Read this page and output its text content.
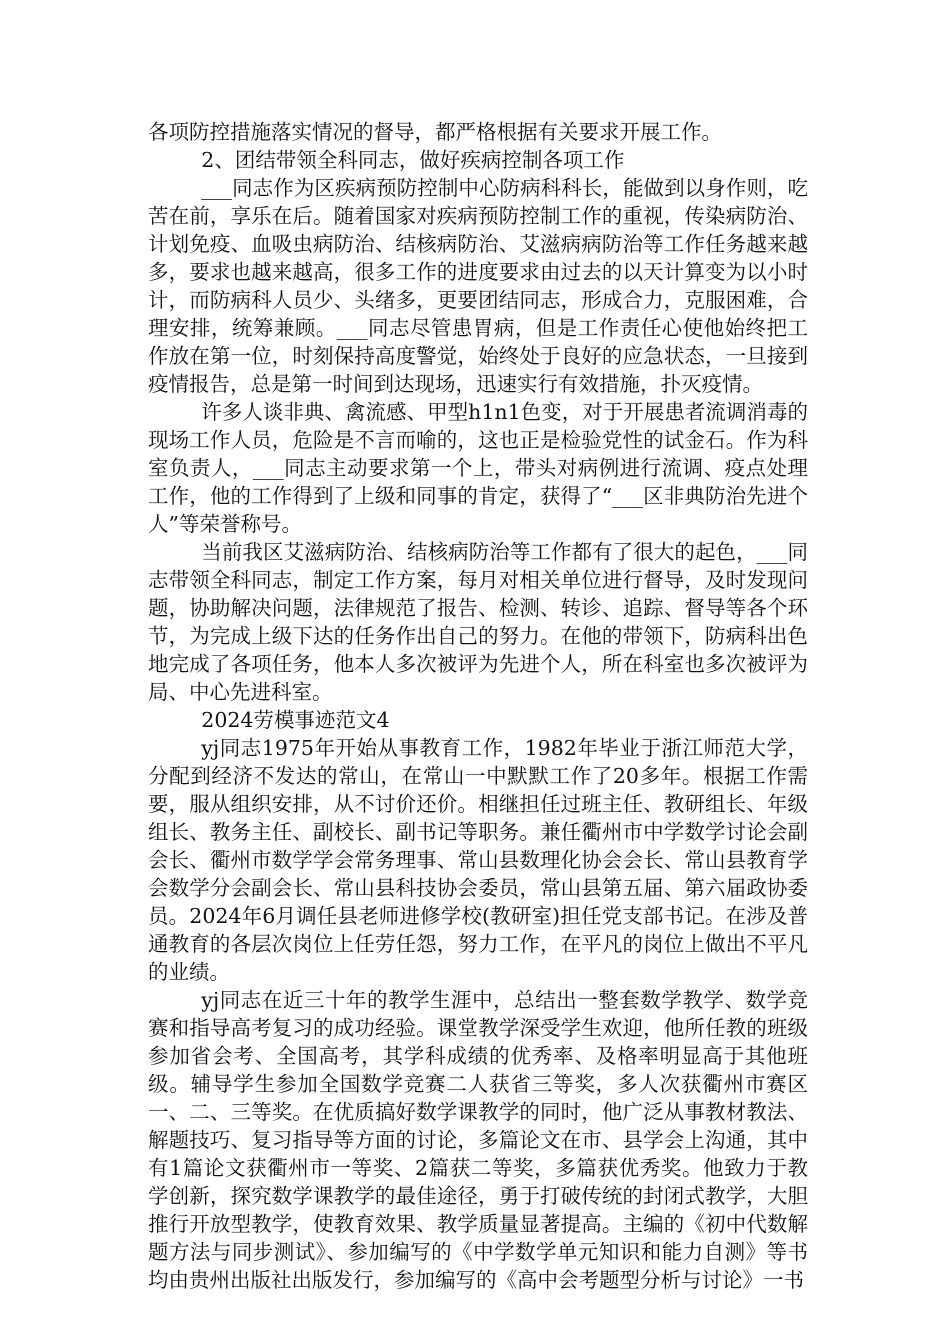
各项防控措施落实情况的督导，都严格根据有关要求开展工作。

2、团结带领全科同志，做好疾病控制各项工作

___同志作为区疾病预防控制中心防病科科长，能做到以身作则，吃苦在前，享乐在后。随着国家对疾病预防控制工作的重视，传染病防治、计划免疫、血吸虫病防治、结核病防治、艾滋病病防治等工作任务越来越多，要求也越来越高，很多工作的进度要求由过去的以天计算变为以小时计，而防病科人员少、头绪多，更要团结同志，形成合力，克服困难，合理安排，统筹兼顾。___同志尽管患胃病，但是工作责任心使他始终把工作放在第一位，时刻保持高度警觉，始终处于良好的应急状态，一旦接到疫情报告，总是第一时间到达现场，迅速实行有效措施，扑灭疫情。

许多人谈非典、禽流感、甲型h1n1色变，对于开展患者流调消毒的现场工作人员，危险是不言而喻的，这也正是检验党性的试金石。作为科室负责人，___同志主动要求第一个上，带头对病例进行流调、疫点处理工作，他的工作得到了上级和同事的肯定，获得了“___区非典防治先进个人”等荣誉称号。

当前我区艾滋病防治、结核病防治等工作都有了很大的起色，___同志带领全科同志，制定工作方案，每月对相关单位进行督导，及时发现问题，协助解决问题，法律规范了报告、检测、转诊、追踪、督导等各个环节，为完成上级下达的任务作出自己的努力。在他的带领下，防病科出色地完成了各项任务，他本人多次被评为先进个人，所在科室也多次被评为局、中心先进科室。

2024劳模事迹范文4

yj同志1975年开始从事教育工作，1982年毕业于浙江师范大学，分配到经济不发达的常山，在常山一中默默工作了20多年。根据工作需要，服从组织安排，从不讨价还价。相继担任过班主任、教研组长、年级组长、教务主任、副校长、副书记等职务。兼任衢州市中学数学讨论会副会长、衢州市数学学会常务理事、常山县数理化协会会长、常山县教育学会数学分会副会长、常山县科技协会委员，常山县第五届、第六届政协委员。2024年6月调任县老师进修学校(教研室)担任党支部书记。在涉及普通教育的各层次岗位上任劳任怨，努力工作，在平凡的岗位上做出不平凡的业绩。

yj同志在近三十年的教学生涯中，总结出一整套数学教学、数学竞赛和指导高考复习的成功经验。课堂教学深受学生欢迎，他所任教的班级参加省会考、全国高考，其学科成绩的优秀率、及格率明显高于其他班级。辅导学生参加全国数学竞赛二人获省三等奖，多人次获衢州市赛区一、二、三等奖。在优质搞好数学课教学的同时，他广泛从事教材教法、解题技巧、复习指导等方面的讨论，多篇论文在市、县学会上沟通，其中有1篇论文获衢州市一等奖、2篇获二等奖，多篇获优秀奖。他致力于教学创新，探究数学课教学的最佳途径，勇于打破传统的封闭式教学，大胆推行开放型教学，使教育效果、教学质量显著提高。主编的《初中代数解题方法与同步测试》、参加编写的《中学数学单元知识和能力自测》等书均由贵州出版社出版发行，参加编写的《高中会考题型分析与讨论》一书
